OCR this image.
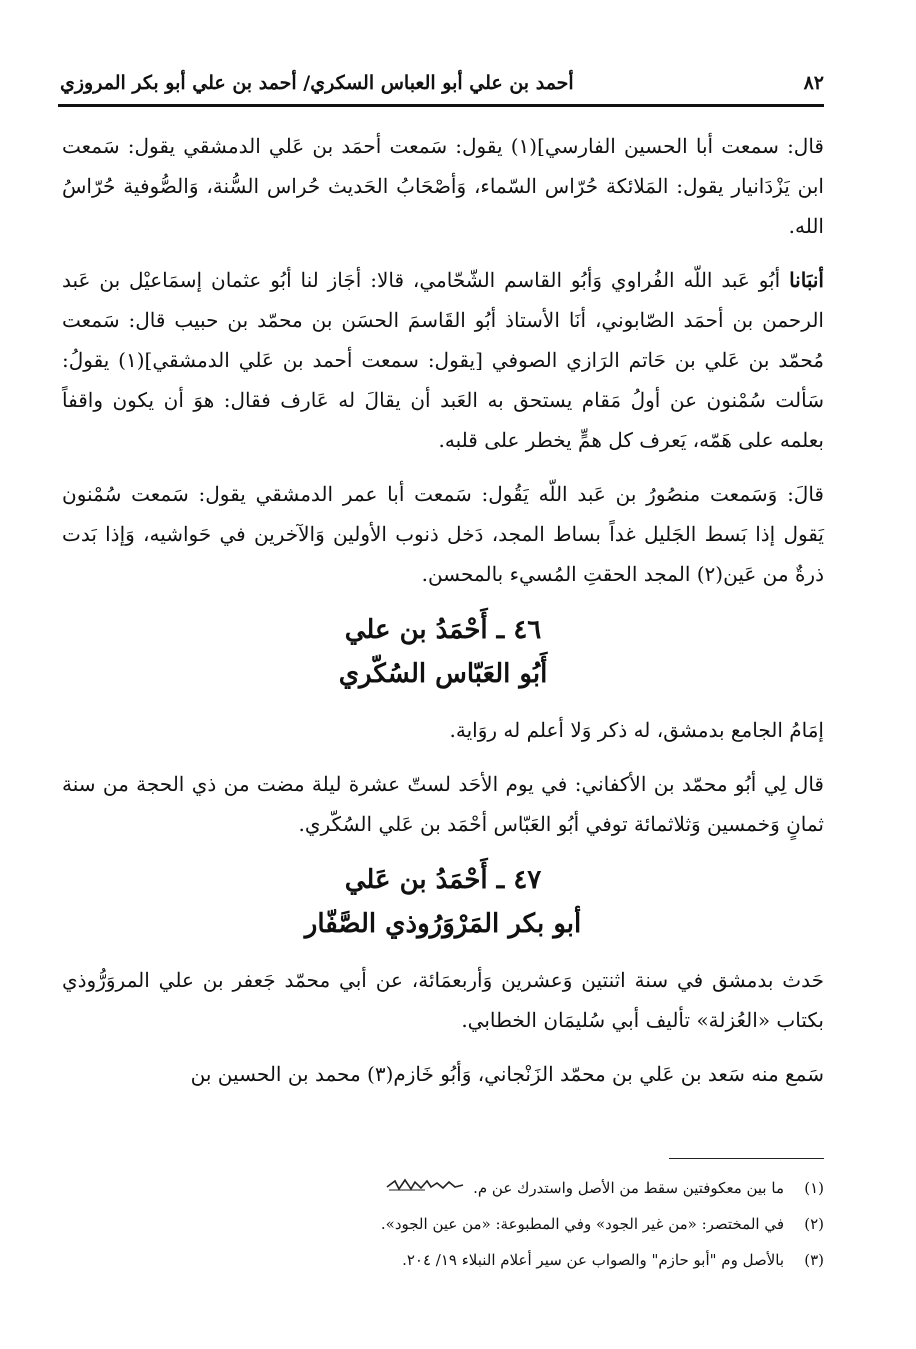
٨٢
أحمد بن علي أبو العباس السكري/ أحمد بن علي أبو بكر المروزي

قال: سمعت أبا الحسين الفارسي](١) يقول: سَمعت أحمَد بن عَلي الدمشقي يقول: سَمعت ابن يَزْدَانيار يقول: المَلائكة حُرّاس السّماء، وَأصْحَابُ الحَديث حُراس السُّنة، وَالصُّوفية حُرّاسُ الله.

أنبَانا أبُو عَبد اللّه الفُراوي وَأبُو القاسم الشّحّامي، قالا: أجَاز لنا أبُو عثمان إسمَاعيْل بن عَبد الرحمن بن أحمَد الصّابوني، أنَا الأستاذ أبُو القَاسمَ الحسَن بن محمّد بن حبيب قال: سَمعت مُحمّد بن عَلي بن حَاتم الرَازي الصوفي [يقول: سمعت أحمد بن عَلي الدمشقي](١) يقولُ: سَألت سُمْنون عن أولُ مَقام يستحق به العَبد أن يقالَ له عَارف فقال: هوَ أن يكون واقفاً بعلمه على هَمّه، يَعرف كل همٍّ يخطر على قلبه.

قالَ: وَسَمعت منصُورُ بن عَبد اللّه يَقُول: سَمعت أبا عمر الدمشقي يقول: سَمعت سُمْنون يَقول إذا بَسط الجَليل غداً بساط المجد، دَخل ذنوب الأولين وَالآخرين في حَواشيه، وَإذا بَدت ذرةٌ من عَين(٢) المجد الحقتِ المُسيء بالمحسن.

٤٦ ـ أَحْمَدُ بن علي
أَبُو العَبّاس السُكّري

إمَامُ الجامع بدمشق، له ذكر وَلا أعلم له روَاية.

قال لِي أبُو محمّد بن الأكفاني: في يوم الأحَد لستّ عشرة ليلة مضت من ذي الحجة من سنة ثمانٍ وَخمسين وَثلاثمائة توفي أبُو العَبّاس أحْمَد بن عَلي السُكّري.

٤٧ ـ أَحْمَدُ بن عَلي
أبو بكر المَرْوَرُوذي الصَّفّار

حَدث بدمشق في سنة اثنتين وَعشرين وَأربعمَائة، عن أبي محمّد جَعفر بن علي المروَرُّوذي بكتاب «العُزلة» تأليف أبي سُليمَان الخطابي.

سَمع منه سَعد بن عَلي بن محمّد الزَنْجاني، وَأبُو خَازم(٣) محمد بن الحسين بن

(١)
ما بين معكوفتين سقط من الأصل واستدرك عن م.
(٢)
في المختصر: «من غير الجود» وفي المطبوعة: «من عين الجود».
(٣)
بالأصل وم "أبو حازم" والصواب عن سير أعلام النبلاء ١٩/ ٢٠٤.
